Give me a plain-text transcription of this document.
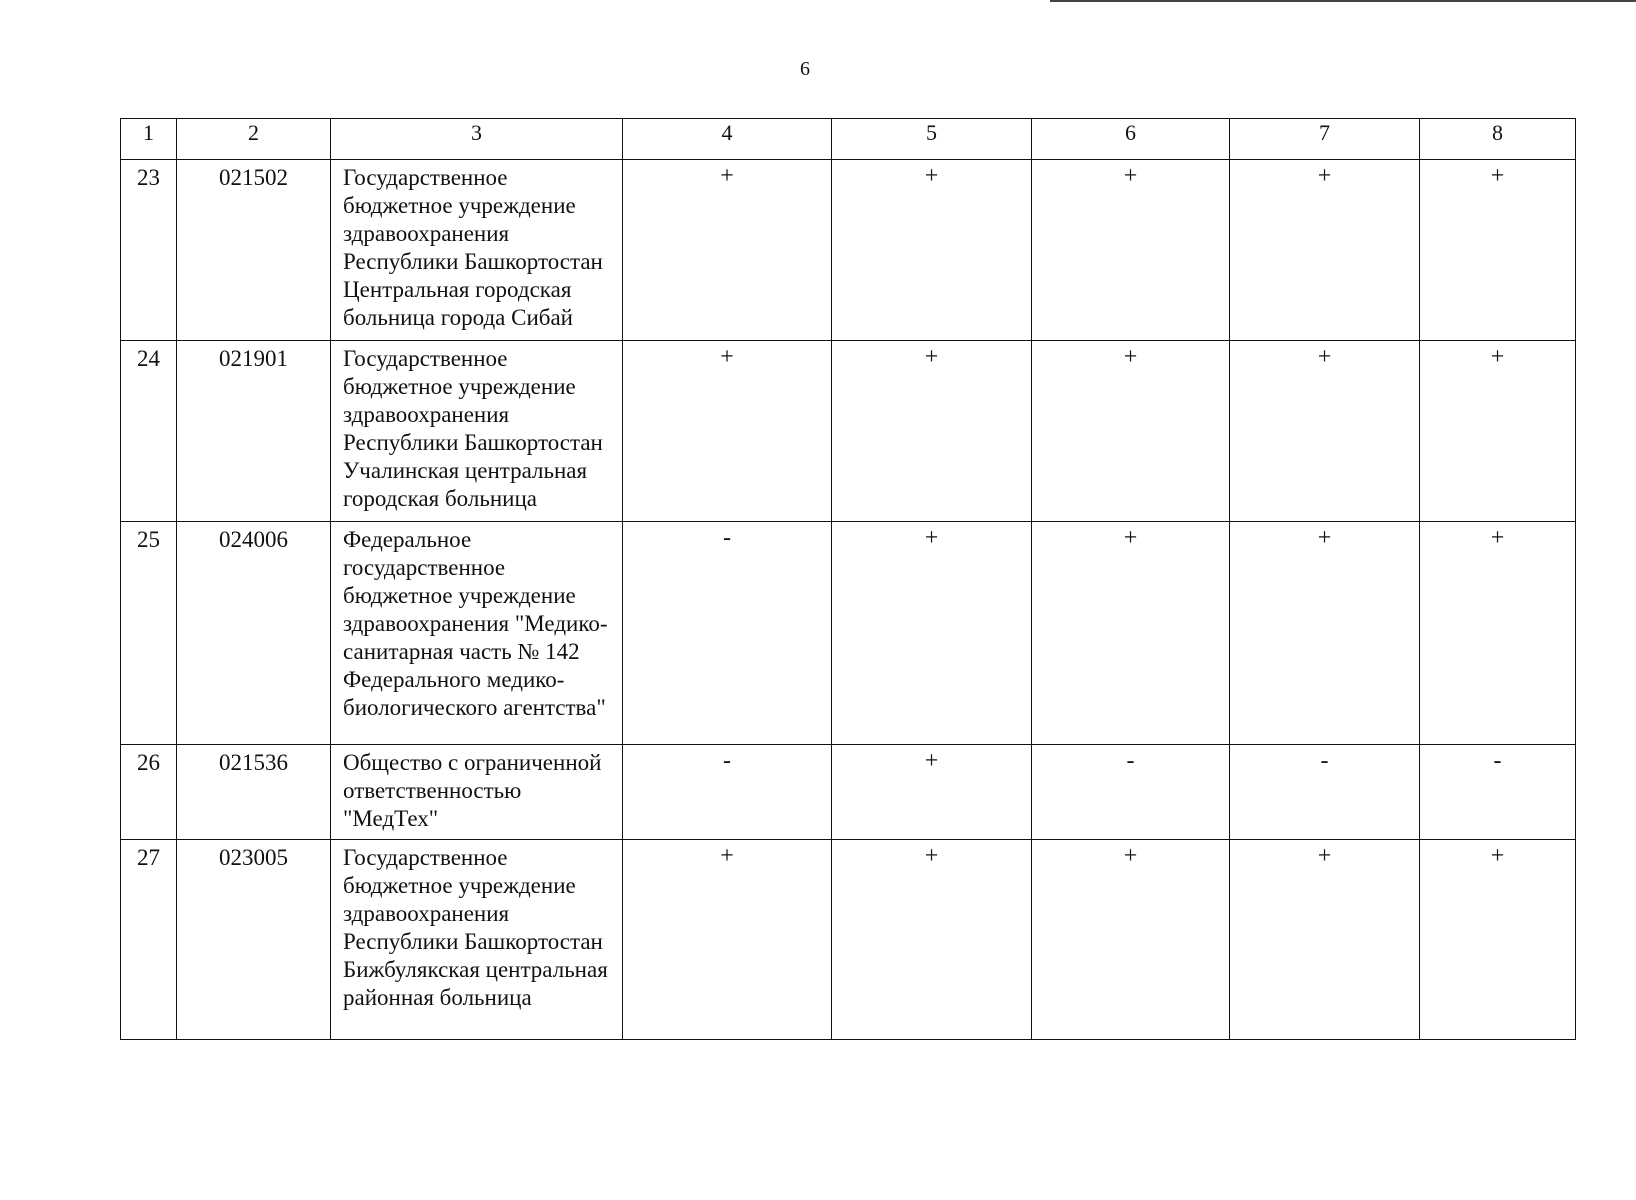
6
1	2	3	4	5	6	7	8
23	021502	Государственное бюджетное учреждение здравоохранения Республики Башкортостан Центральная городская больница города Сибай	+	+	+	+	+
24	021901	Государственное бюджетное учреждение здравоохранения Республики Башкортостан Учалинская центральная городская больница	+	+	+	+	+
25	024006	Федеральное государственное бюджетное учреждение здравоохранения "Медико-санитарная часть № 142 Федерального медико-биологического агентства"	-	+	+	+	+
26	021536	Общество с ограниченной ответственностью "МедТех"	-	+	-	-	-
27	023005	Государственное бюджетное учреждение здравоохранения Республики Башкортостан Бижбулякская центральная районная больница	+	+	+	+	+
